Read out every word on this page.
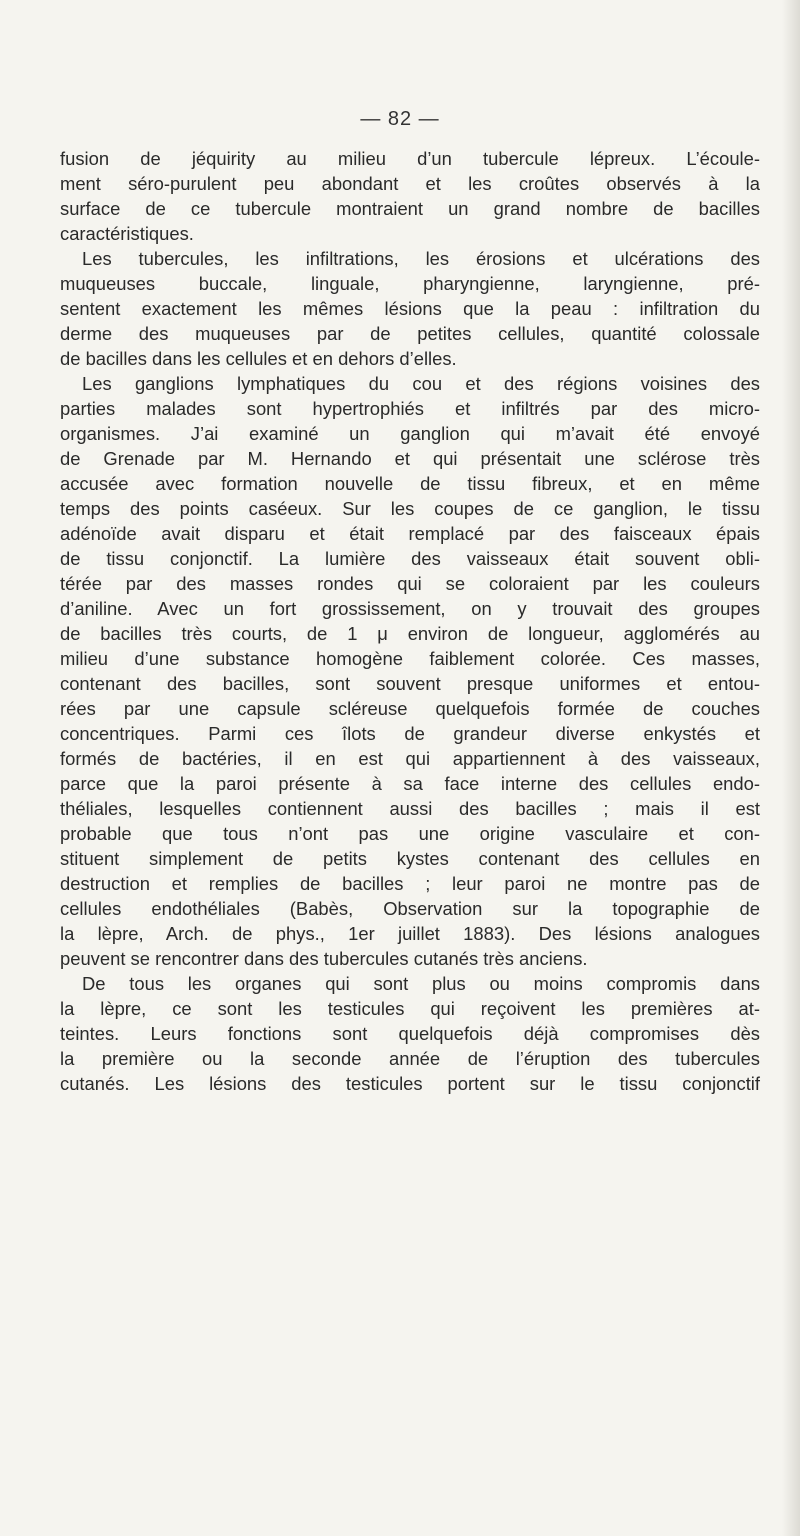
— 82 —
fusion de jéquirity au milieu d’un tubercule lépreux. L’écoule-
ment séro-purulent peu abondant et les croûtes observés à la
surface de ce tubercule montraient un grand nombre de bacilles
caractéristiques.
Les tubercules, les infiltrations, les érosions et ulcérations des
muqueuses buccale, linguale, pharyngienne, laryngienne, pré-
sentent exactement les mêmes lésions que la peau : infiltration du
derme des muqueuses par de petites cellules, quantité colossale
de bacilles dans les cellules et en dehors d’elles.
Les ganglions lymphatiques du cou et des régions voisines des
parties malades sont hypertrophiés et infiltrés par des micro-
organismes. J’ai examiné un ganglion qui m’avait été envoyé
de Grenade par M. Hernando et qui présentait une sclérose très
accusée avec formation nouvelle de tissu fibreux, et en même
temps des points caséeux. Sur les coupes de ce ganglion, le tissu
adénoïde avait disparu et était remplacé par des faisceaux épais
de tissu conjonctif. La lumière des vaisseaux était souvent obli-
térée par des masses rondes qui se coloraient par les couleurs
d’aniline. Avec un fort grossissement, on y trouvait des groupes
de bacilles très courts, de 1 μ environ de longueur, agglomérés au
milieu d’une substance homogène faiblement colorée. Ces masses,
contenant des bacilles, sont souvent presque uniformes et entou-
rées par une capsule scléreuse quelquefois formée de couches
concentriques. Parmi ces îlots de grandeur diverse enkystés et
formés de bactéries, il en est qui appartiennent à des vaisseaux,
parce que la paroi présente à sa face interne des cellules endo-
théliales, lesquelles contiennent aussi des bacilles ; mais il est
probable que tous n’ont pas une origine vasculaire et con-
stituent simplement de petits kystes contenant des cellules en
destruction et remplies de bacilles ; leur paroi ne montre pas de
cellules endothéliales (Babès, Observation sur la topographie de
la lèpre, Arch. de phys., 1er juillet 1883). Des lésions analogues
peuvent se rencontrer dans des tubercules cutanés très anciens.
De tous les organes qui sont plus ou moins compromis dans
la lèpre, ce sont les testicules qui reçoivent les premières at-
teintes. Leurs fonctions sont quelquefois déjà compromises dès
la première ou la seconde année de l’éruption des tubercules
cutanés. Les lésions des testicules portent sur le tissu conjonctif
